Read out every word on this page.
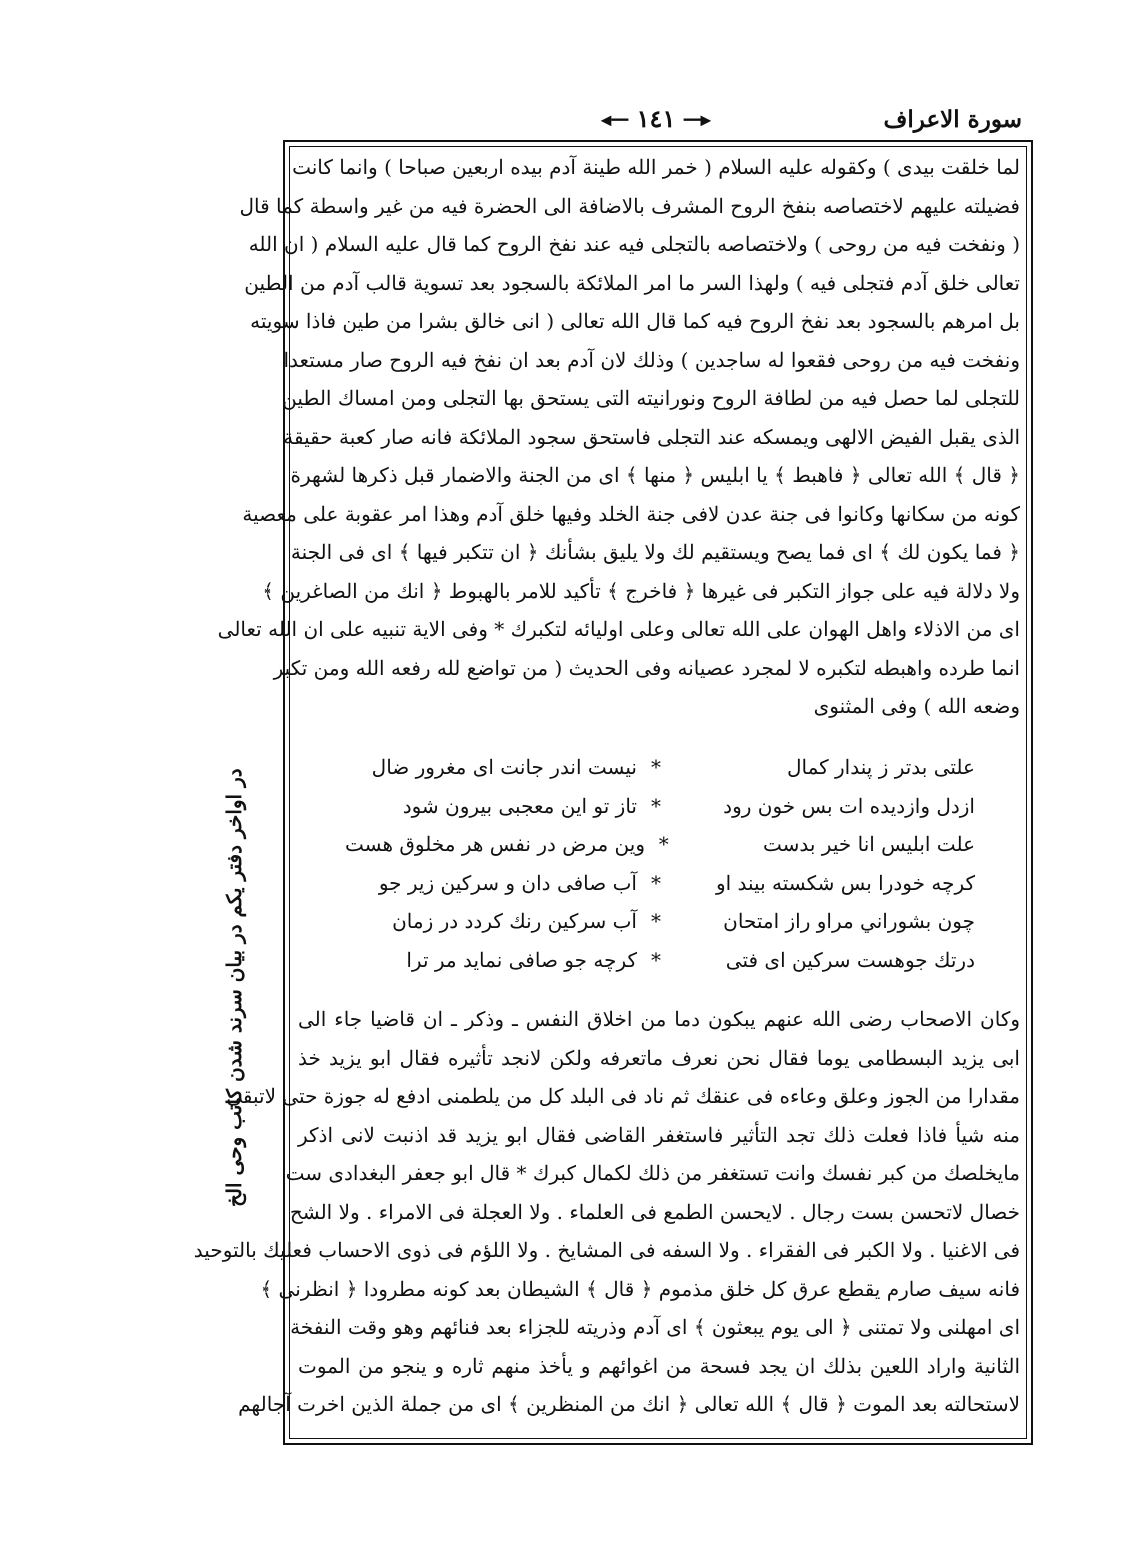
سورة الاعراف
◀━━ ١٤١ ━━▶
لما خلقت بيدى ) وكقوله عليه السلام ( خمر الله طينة آدم بيده اربعين صباحا ) وانما كانت
فضيلته عليهم لاختصاصه بنفخ الروح المشرف بالاضافة الى الحضرة فيه من غير واسطة كما قال
( ونفخت فيه من روحى ) ولاختصاصه بالتجلى فيه عند نفخ الروح كما قال عليه السلام ( ان الله
تعالى خلق آدم فتجلى فيه ) ولهذا السر ما امر الملائكة بالسجود بعد تسوية قالب آدم من الطين
بل امرهم بالسجود بعد نفخ الروح فيه كما قال الله تعالى ( انى خالق بشرا من طين فاذا سويته
ونفخت فيه من روحى فقعوا له ساجدين ) وذلك لان آدم بعد ان نفخ فيه الروح صار مستعدا
للتجلى لما حصل فيه من لطافة الروح ونورانيته التى يستحق بها التجلى ومن امساك الطين
الذى يقبل الفيض الالهى ويمسكه عند التجلى فاستحق سجود الملائكة فانه صار كعبة حقيقة
﴿ قال ﴾ الله تعالى ﴿ فاهبط ﴾ يا ابليس ﴿ منها ﴾ اى من الجنة والاضمار قبل ذكرها لشهرة
كونه من سكانها وكانوا فى جنة عدن لافى جنة الخلد وفيها خلق آدم وهذا امر عقوبة على معصية
﴿ فما يكون لك ﴾ اى فما يصح ويستقيم لك ولا يليق بشأنك ﴿ ان تتكبر فيها ﴾ اى فى الجنة
ولا دلالة فيه على جواز التكبر فى غيرها ﴿ فاخرج ﴾ تأكيد للامر بالهبوط ﴿ انك من الصاغرين ﴾
اى من الاذلاء واهل الهوان على الله تعالى وعلى اوليائه لتكبرك * وفى الاية تنبيه على ان الله تعالى
انما طرده واهبطه لتكبره لا لمجرد عصيانه وفى الحديث ( من تواضع لله رفعه الله ومن تكبر
وضعه الله ) وفى المثنوى
علتى بدتر ز پندار كمال
*
نيست اندر جانت اى مغرور ضال
ازدل وازديده ات بس خون رود
*
تاز تو اين معجبى بيرون شود
علت ابليس انا خير بدست
*
وين مرض در نفس هر مخلوق هست
كرچه خودرا بس شكسته بيند او
*
آب صافى دان و سركين زير جو
چون بشوراني مراو راز امتحان
*
آب سركين رنك كردد در زمان
درتك جوهست سركين اى فتى
*
كرچه جو صافى نمايد مر ترا
وكان الاصحاب رضى الله عنهم يبكون دما من اخلاق النفس ـ وذكر ـ ان قاضيا جاء الى
ابى يزيد البسطامى يوما فقال نحن نعرف ماتعرفه ولكن لانجد تأثيره فقال ابو يزيد خذ
مقدارا من الجوز وعلق وعاءه فى عنقك ثم ناد فى البلد كل من يلطمنى ادفع له جوزة حتى لاتبقى
منه شيأ فاذا فعلت ذلك تجد التأثير فاستغفر القاضى فقال ابو يزيد قد اذنبت لانى اذكر
مايخلصك من كبر نفسك وانت تستغفر من ذلك لكمال كبرك * قال ابو جعفر البغدادى ست
خصال لاتحسن بست رجال . لايحسن الطمع فى العلماء . ولا العجلة فى الامراء . ولا الشح
فى الاغنيا . ولا الكبر فى الفقراء . ولا السفه فى المشايخ . ولا اللؤم فى ذوى الاحساب فعليك بالتوحيد
فانه سيف صارم يقطع عرق كل خلق مذموم ﴿ قال ﴾ الشيطان بعد كونه مطرودا ﴿ انظرنى ﴾
اى امهلنى ولا تمتنى ﴿ الى يوم يبعثون ﴾ اى آدم وذريته للجزاء بعد فنائهم وهو وقت النفخة
الثانية واراد اللعين بذلك ان يجد فسحة من اغوائهم و يأخذ منهم ثاره و ينجو من الموت
لاستحالته بعد الموت ﴿ قال ﴾ الله تعالى ﴿ انك من المنظرين ﴾ اى من جملة الذين اخرت آجالهم
در اواخر دفتر يكم در بيان سرند شدن كاتب وحى الخ
